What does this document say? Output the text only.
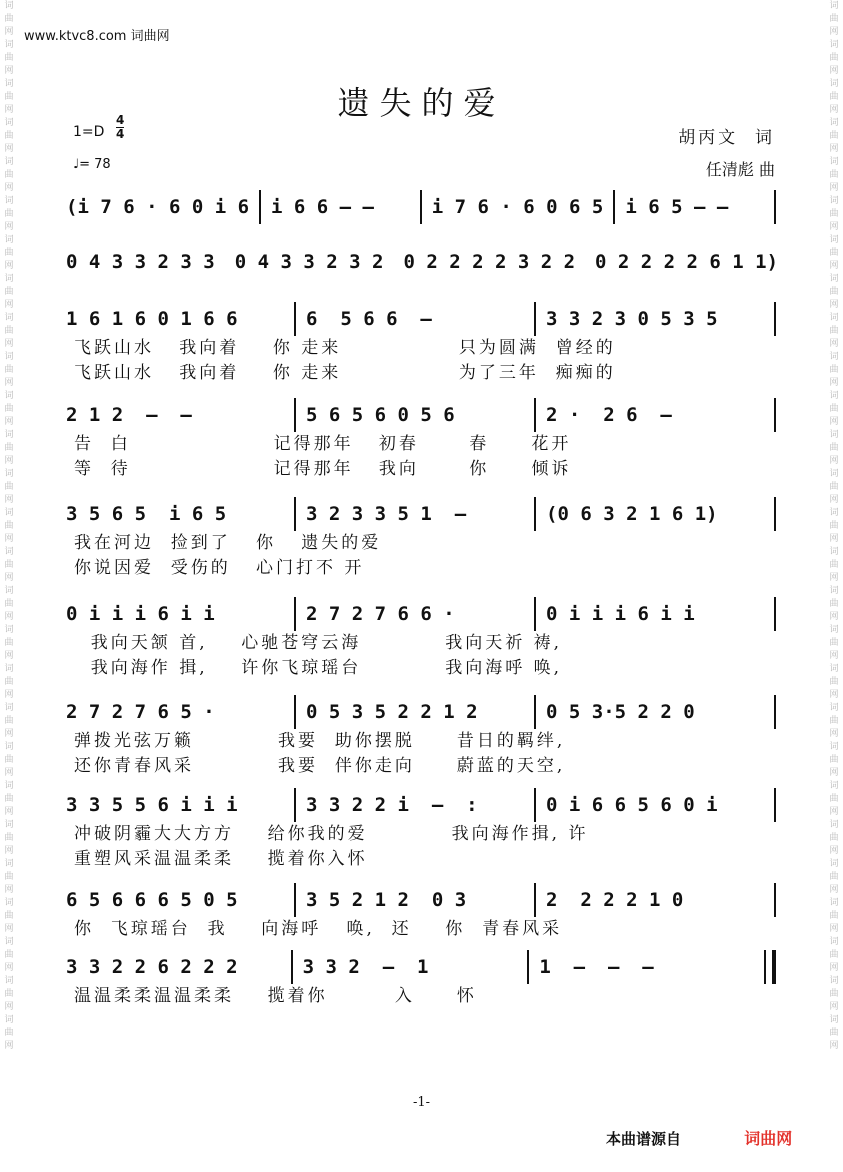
词曲网词曲网词曲网词曲网词曲网词曲网词曲网词曲网词曲网词曲网词曲网词曲网词曲网词曲网词曲网词曲网词曲网词曲网词曲网词曲网词曲网词曲网词曲网词曲网词曲网词曲网词曲网
词曲网词曲网词曲网词曲网词曲网词曲网词曲网词曲网词曲网词曲网词曲网词曲网词曲网词曲网词曲网词曲网词曲网词曲网词曲网词曲网词曲网词曲网词曲网词曲网词曲网词曲网词曲网
www.ktvc8.com 词曲网
遗失的爱
1=D
4
4
♩= 78
胡丙文  词
任清彪 曲
(i 7 6 · 6 0 i 6 i 6 6 – –	i 7 6 · 6 0 6 5 i 6 5 – –
0 4 3 3 2 3 3 0 4 3 3 2 3 2 0 2 2 2 2 3 2 2 0 2 2 2 2 6 1 1)
1 6 1 6 0 1 6 6	6  5 6 6  –	3 3 2 3 0 5 3 5
飞跃山水   我向着    你 走来              只为圆满  曾经的
飞跃山水   我向着    你 走来              为了三年  痴痴的
2 1 2  –  –	5 6 5 6 0 5 6	2 ·  2 6  –
告  白                 记得那年   初春      春     花开
等  待                 记得那年   我向      你     倾诉
3 5 6 5  i 6 5	3 2 3 3 5 1  –	(0 6 3 2 1 6 1)
我在河边  捡到了   你   遗失的爱
你说因爱  受伤的   心门打不 开
0 i i i 6 i i	2 7 2 7 6 6 ·	0 i i i 6 i i
我向天颔 首,    心驰苍穹云海          我向天祈 祷,
我向海作 揖,    许你飞琼瑶台          我向海呼 唤,
2 7 2 7 6 5 ·	0 5 3 5 2 2 1 2	0 5 3·5 2 2 0
弹拨光弦万籁          我要  助你摆脱     昔日的羁绊,
还你青春风采          我要  伴你走向     蔚蓝的天空,
3 3 5 5 6 i i i	3 3 2 2 i  –  :	0 i 6 6 5 6 0 i
冲破阴霾大大方方    给你我的爱          我向海作揖, 许
重塑风采温温柔柔    揽着你入怀
6 5 6 6 6 5 0 5	3 5 2 1 2  0 3	2  2 2 2 1 0
你  飞琼瑶台  我    向海呼   唤,  还    你  青春风采
3 3 2 2 6 2 2 2	3 3 2  –  1	1  –  –  –
温温柔柔温温柔柔    揽着你        入     怀
-1-
本曲谱源自	词曲网
